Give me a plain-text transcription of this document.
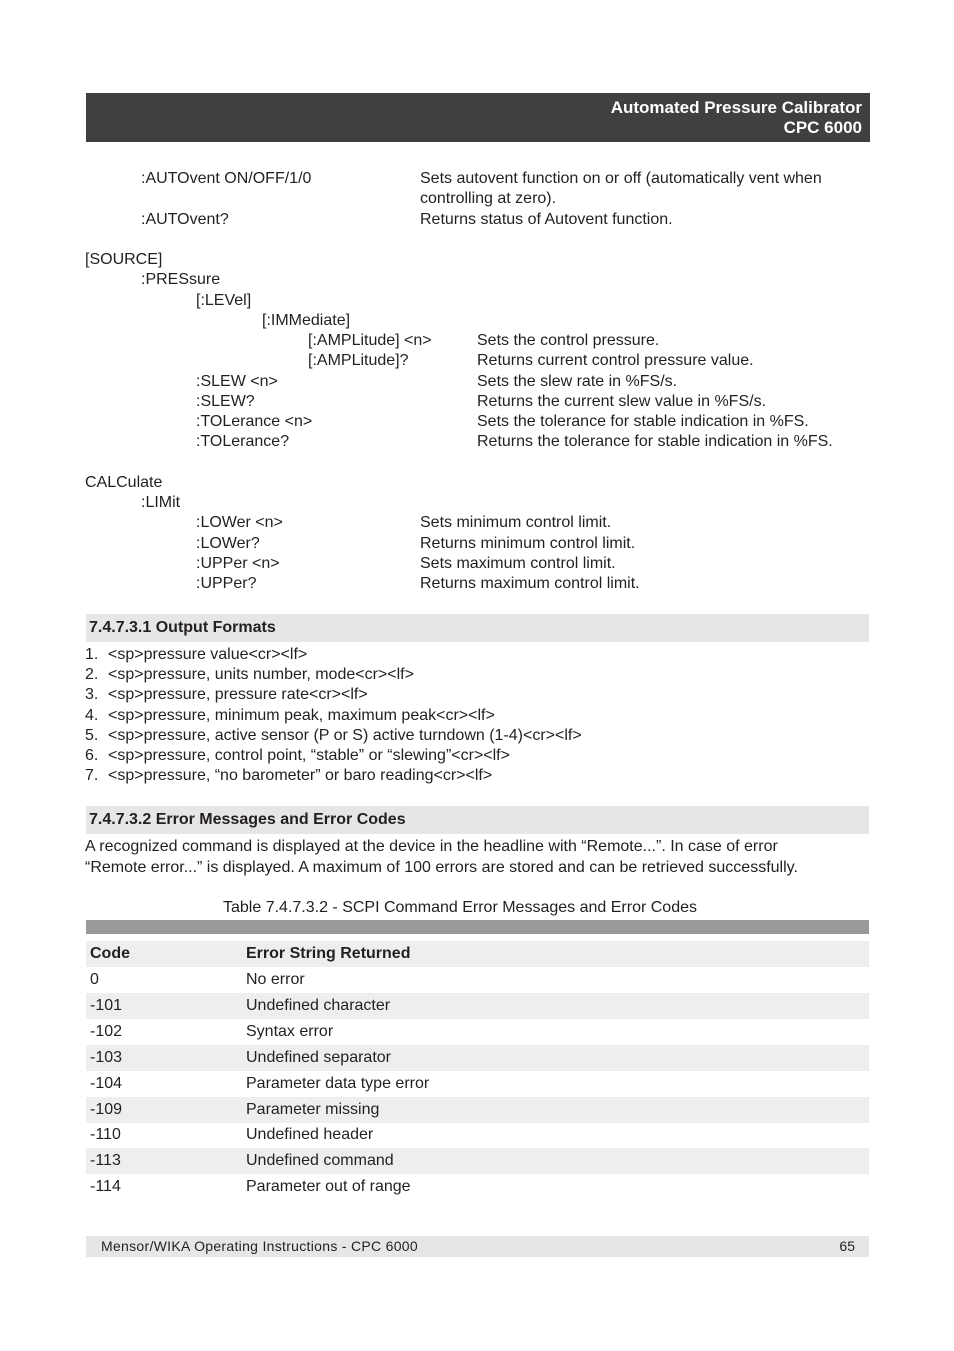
Automated Pressure Calibrator
CPC 6000
:AUTOvent ON/OFF/1/0	Sets autovent function on or off (automatically vent when
controlling at zero).
:AUTOvent?	Returns status of Autovent function.
[SOURCE]
:PRESsure
[:LEVel]
[:IMMediate]
[:AMPLitude] <n>	Sets the control pressure.
[:AMPLitude]?	Returns current control pressure value.
:SLEW <n>	Sets the slew rate in %FS/s.
:SLEW?	Returns the current slew value in %FS/s.
:TOLerance <n>	Sets the tolerance for stable indication in %FS.
:TOLerance?	Returns the tolerance for stable indication in %FS.
CALCulate
:LIMit
:LOWer <n>	Sets minimum control limit.
:LOWer?	Returns minimum control limit.
:UPPer <n>	Sets maximum control limit.
:UPPer?	Returns maximum control limit.
7.4.7.3.1 Output Formats
1. <sp>pressure value<cr><lf>
2. <sp>pressure, units number, mode<cr><lf>
3. <sp>pressure, pressure rate<cr><lf>
4. <sp>pressure, minimum peak, maximum peak<cr><lf>
5. <sp>pressure, active sensor (P or S) active turndown (1-4)<cr><lf>
6. <sp>pressure, control point, “stable” or “slewing”<cr><lf>
7. <sp>pressure, “no barometer” or baro reading<cr><lf>
7.4.7.3.2 Error Messages and Error Codes
A recognized command is displayed at the device in the headline with “Remote...”. In case of error
“Remote error...” is displayed. A maximum of 100 errors are stored and can be retrieved successfully.
Table 7.4.7.3.2 - SCPI Command Error Messages and Error Codes
Code	Error String Returned
0	No error
-101	Undefined character
-102	Syntax error
-103	Undefined separator
-104	Parameter data type error
-109	Parameter missing
-110	Undefined header
-113	Undefined command
-114	Parameter out of range
Mensor/WIKA Operating Instructions - CPC 6000	65
